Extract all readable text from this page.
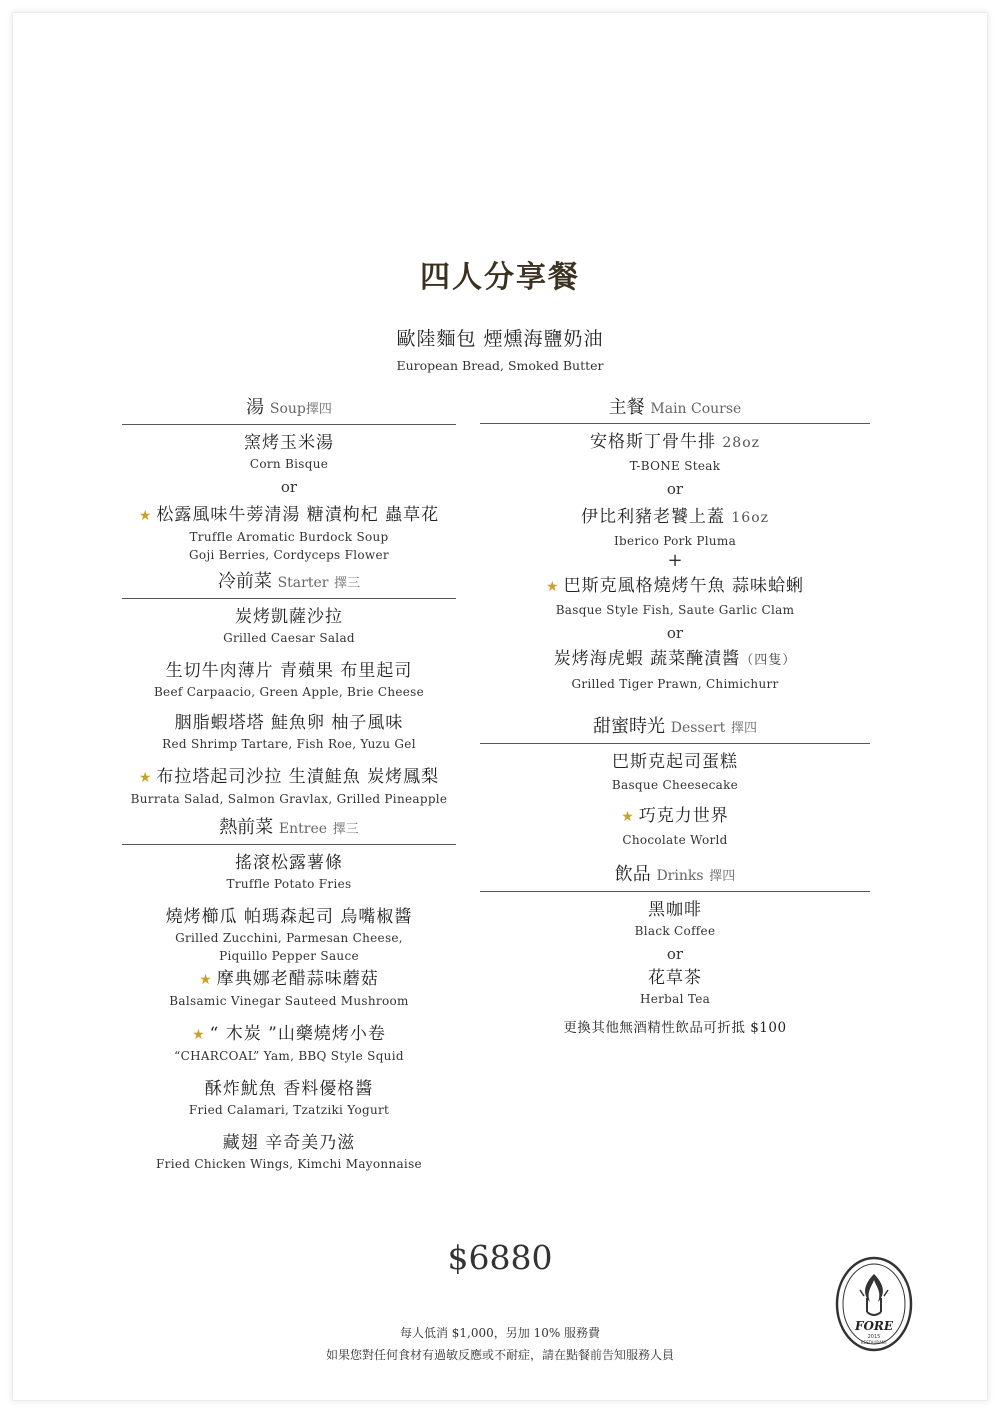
四人分享餐
歐陸麵包 煙燻海鹽奶油
European Bread, Smoked Butter
湯 Soup擇四
窯烤玉米湯
Corn Bisque
or
★ 松露風味牛蒡清湯 糖漬枸杞 蟲草花
Truffle Aromatic Burdock Soup
Goji Berries, Cordyceps Flower
冷前菜 Starter 擇三
炭烤凱薩沙拉
Grilled Caesar Salad
生切牛肉薄片 青蘋果 布里起司
Beef Carpaacio, Green Apple, Brie Cheese
胭脂蝦塔塔 鮭魚卵 柚子風味
Red Shrimp Tartare, Fish Roe, Yuzu Gel
★ 布拉塔起司沙拉 生漬鮭魚 炭烤鳳梨
Burrata Salad, Salmon Gravlax, Grilled Pineapple
熱前菜 Entree 擇三
搖滾松露薯條
Truffle Potato Fries
燒烤櫛瓜 帕瑪森起司 烏嘴椒醬
Grilled Zucchini, Parmesan Cheese,
Piquillo Pepper Sauce
★ 摩典娜老醋蒜味蘑菇
Balsamic Vinegar Sauteed Mushroom
★ “ 木炭 ”山藥燒烤小卷
“CHARCOAL” Yam, BBQ Style Squid
酥炸魷魚 香料優格醬
Fried Calamari, Tzatziki Yogurt
藏翅 辛奇美乃滋
Fried Chicken Wings, Kimchi Mayonnaise
主餐 Main Course
安格斯丁骨牛排 28oz
T-BONE Steak
or
伊比利豬老饕上蓋 16oz
Iberico Pork Pluma
+
★ 巴斯克風格燒烤午魚 蒜味蛤蜊
Basque Style Fish, Saute Garlic Clam
or
炭烤海虎蝦 蔬菜醃漬醬（四隻）
Grilled Tiger Prawn, Chimichurr
甜蜜時光 Dessert 擇四
巴斯克起司蛋糕
Basque Cheesecake
★ 巧克力世界
Chocolate World
飲品 Drinks 擇四
黑咖啡
Black Coffee
or
花草茶
Herbal Tea
更換其他無酒精性飲品可折抵 $100
$6880
每人低消 $1,000，另加 10% 服務費
如果您對任何食材有過敏反應或不耐症，請在點餐前告知服務人員
FORE
2015
RESTAURANT
